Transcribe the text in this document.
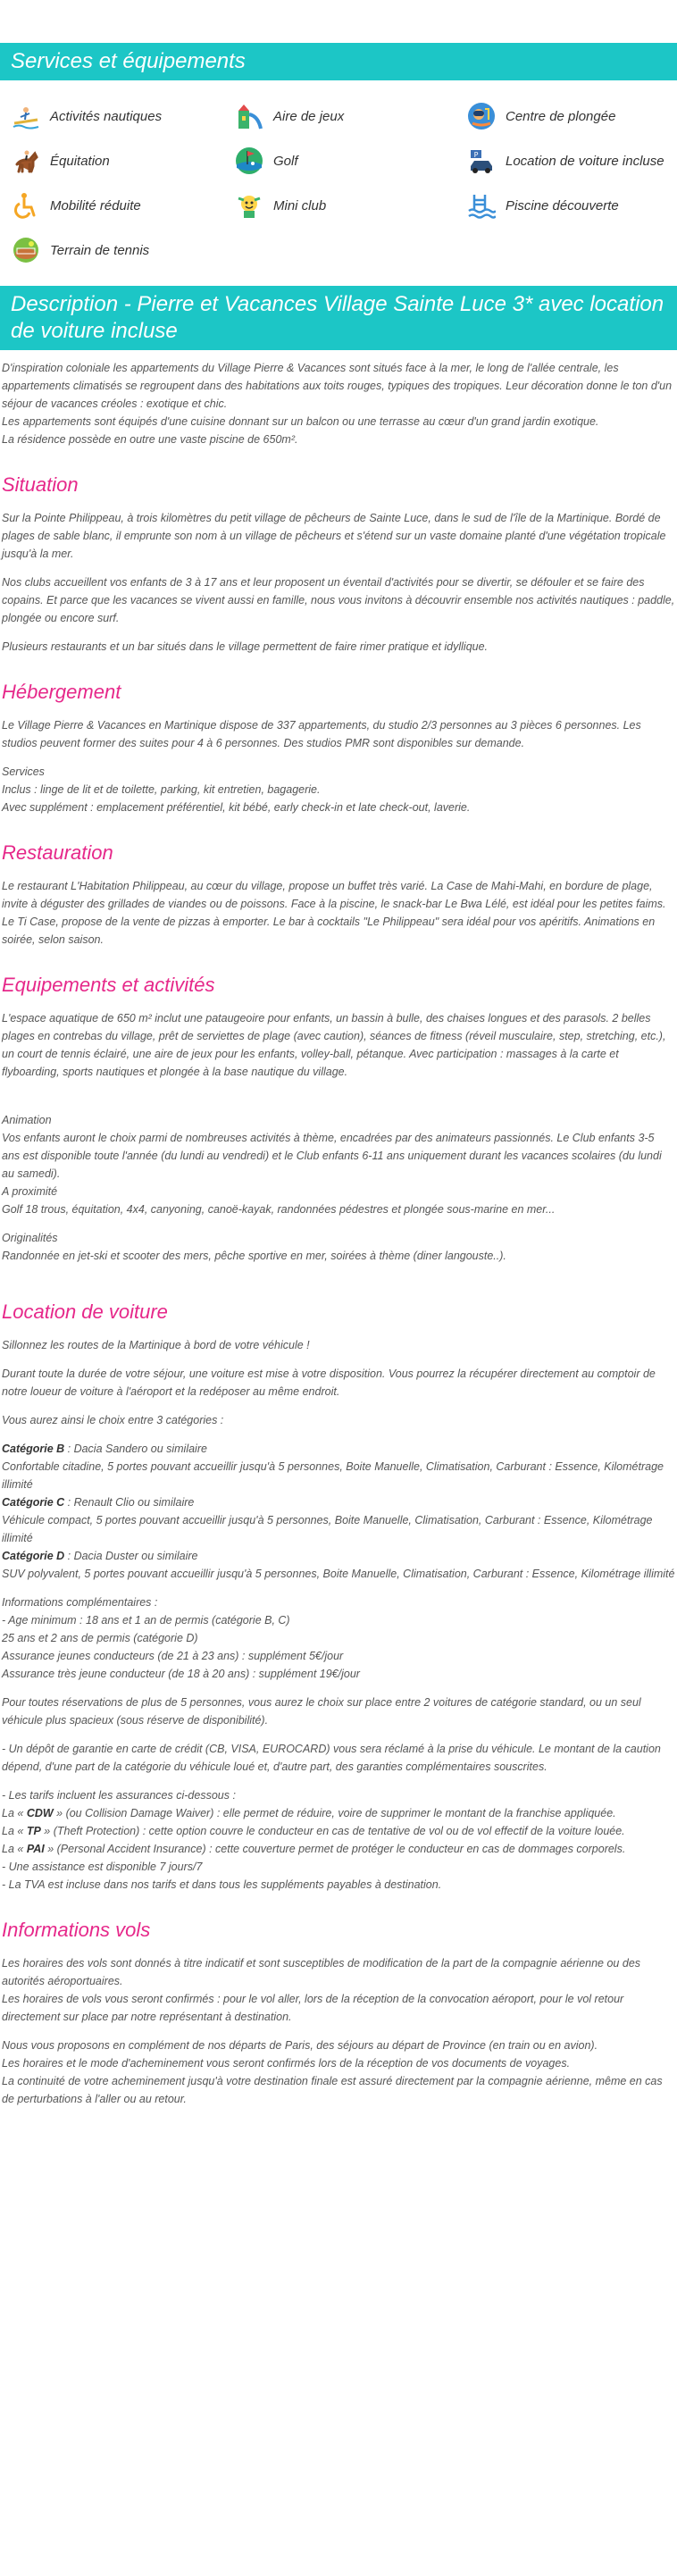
Services et équipements
Activités nautiques	Aire de jeux	Centre de plongée
Équitation	Golf	P Location de voiture incluse
Mobilité réduite	Mini club	Piscine découverte
Terrain de tennis
Description - Pierre et Vacances Village Sainte Luce 3* avec location de voiture incluse

D'inspiration coloniale les appartements du Village Pierre & Vacances sont situés face à la mer, le long de l'allée centrale, les appartements climatisés se regroupent dans des habitations aux toits rouges, typiques des tropiques. Leur décoration donne le ton d'un séjour de vacances créoles : exotique et chic.
Les appartements sont équipés d'une cuisine donnant sur un balcon ou une terrasse au cœur d'un grand jardin exotique.
La résidence possède en outre une vaste piscine de 650m².

Situation

Sur la Pointe Philippeau, à trois kilomètres du petit village de pêcheurs de Sainte Luce, dans le sud de l'île de la Martinique. Bordé de plages de sable blanc, il emprunte son nom à un village de pêcheurs et s'étend sur un vaste domaine planté d'une végétation tropicale jusqu'à la mer.

Nos clubs accueillent vos enfants de 3 à 17 ans et leur proposent un éventail d'activités pour se divertir, se défouler et se faire des copains. Et parce que les vacances se vivent aussi en famille, nous vous invitons à découvrir ensemble nos activités nautiques : paddle, plongée ou encore surf.

Plusieurs restaurants et un bar situés dans le village permettent de faire rimer pratique et idyllique.

Hébergement

Le Village Pierre & Vacances en Martinique dispose de 337 appartements, du studio 2/3 personnes au 3 pièces 6 personnes. Les studios peuvent former des suites pour 4 à 6 personnes. Des studios PMR sont disponibles sur demande.

Services
Inclus : linge de lit et de toilette, parking, kit entretien, bagagerie.
Avec supplément : emplacement préférentiel, kit bébé, early check-in et late check-out, laverie.

Restauration

Le restaurant L'Habitation Philippeau, au cœur du village, propose un buffet très varié. La Case de Mahi-Mahi, en bordure de plage, invite à déguster des grillades de viandes ou de poissons. Face à la piscine, le snack-bar Le Bwa Lélé, est idéal pour les petites faims. Le Ti Case, propose de la vente de pizzas à emporter. Le bar à cocktails "Le Philippeau" sera idéal pour vos apéritifs. Animations en soirée, selon saison.

Equipements et activités

L'espace aquatique de 650 m² inclut une pataugeoire pour enfants, un bassin à bulle, des chaises longues et des parasols. 2 belles plages en contrebas du village, prêt de serviettes de plage (avec caution), séances de fitness (réveil musculaire, step, stretching, etc.), un court de tennis éclairé, une aire de jeux pour les enfants, volley-ball, pétanque. Avec participation : massages à la carte et flyboarding, sports nautiques et plongée à la base nautique du village.

Animation
Vos enfants auront le choix parmi de nombreuses activités à thème, encadrées par des animateurs passionnés. Le Club enfants 3-5 ans est disponible toute l'année (du lundi au vendredi) et le Club enfants 6-11 ans uniquement durant les vacances scolaires (du lundi au samedi).

A proximité
Golf 18 trous, équitation, 4x4, canyoning, canoë-kayak, randonnées pédestres et plongée sous-marine en mer...

Originalités
Randonnée en jet-ski et scooter des mers, pêche sportive en mer, soirées à thème (diner langouste..).

Location de voiture

Sillonnez les routes de la Martinique à bord de votre véhicule !

Durant toute la durée de votre séjour, une voiture est mise à votre disposition. Vous pourrez la récupérer directement au comptoir de notre loueur de voiture à l'aéroport et la redéposer au même endroit.

Vous aurez ainsi le choix entre 3 catégories :

Catégorie B : Dacia Sandero ou similaire
Confortable citadine, 5 portes pouvant accueillir jusqu'à 5 personnes, Boite Manuelle, Climatisation, Carburant : Essence, Kilométrage illimité
Catégorie C : Renault Clio ou similaire
Véhicule compact, 5 portes pouvant accueillir jusqu'à 5 personnes, Boite Manuelle, Climatisation, Carburant : Essence, Kilométrage illimité
Catégorie D : Dacia Duster ou similaire
SUV polyvalent, 5 portes pouvant accueillir jusqu'à 5 personnes, Boite Manuelle, Climatisation, Carburant : Essence, Kilométrage illimité

Informations complémentaires :
- Age minimum : 18 ans et 1 an de permis (catégorie B, C)
25 ans et 2 ans de permis (catégorie D)
Assurance jeunes conducteurs (de 21 à 23 ans) : supplément 5€/jour
Assurance très jeune conducteur (de 18 à 20 ans) : supplément 19€/jour

Pour toutes réservations de plus de 5 personnes, vous aurez le choix sur place entre 2 voitures de catégorie standard, ou un seul véhicule plus spacieux (sous réserve de disponibilité).

- Un dépôt de garantie en carte de crédit (CB, VISA, EUROCARD) vous sera réclamé à la prise du véhicule. Le montant de la caution dépend, d'une part de la catégorie du véhicule loué et, d'autre part, des garanties complémentaires souscrites.

- Les tarifs incluent les assurances ci-dessous :
La « CDW » (ou Collision Damage Waiver) : elle permet de réduire, voire de supprimer le montant de la franchise appliquée.
La « TP » (Theft Protection) : cette option couvre le conducteur en cas de tentative de vol ou de vol effectif de la voiture louée.
La « PAI » (Personal Accident Insurance) : cette couverture permet de protéger le conducteur en cas de dommages corporels.
- Une assistance est disponible 7 jours/7
- La TVA est incluse dans nos tarifs et dans tous les suppléments payables à destination.

Informations vols

Les horaires des vols sont donnés à titre indicatif et sont susceptibles de modification de la part de la compagnie aérienne ou des autorités aéroportuaires.
Les horaires de vols vous seront confirmés : pour le vol aller, lors de la réception de la convocation aéroport, pour le vol retour directement sur place par notre représentant à destination.

Nous vous proposons en complément de nos départs de Paris, des séjours au départ de Province (en train ou en avion).
Les horaires et le mode d'acheminement vous seront confirmés lors de la réception de vos documents de voyages.
La continuité de votre acheminement jusqu'à votre destination finale est assuré directement par la compagnie aérienne, même en cas de perturbations à l'aller ou au retour.
